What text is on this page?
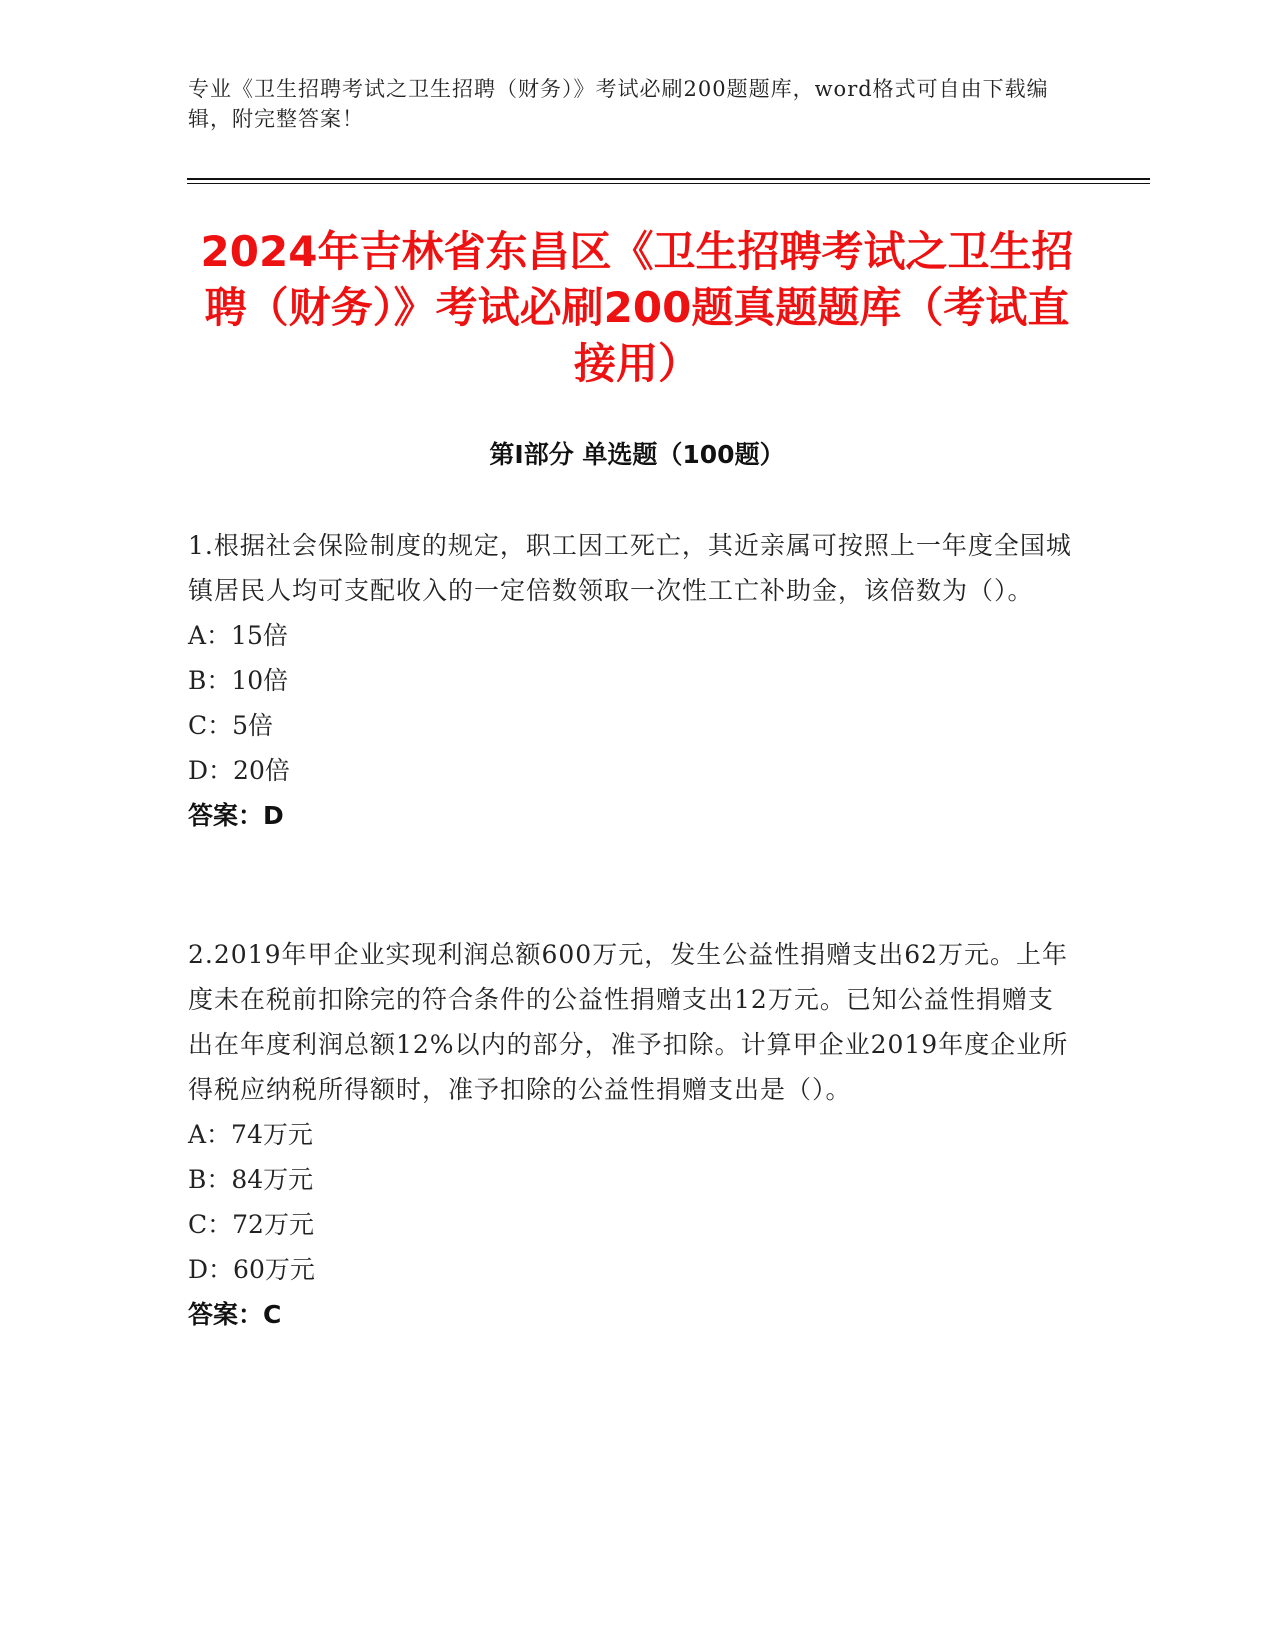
专业《卫生招聘考试之卫生招聘（财务）》考试必刷200题题库，word格式可自由下载编辑，附完整答案！
2024年吉林省东昌区《卫生招聘考试之卫生招聘（财务）》考试必刷200题真题题库（考试直接用）
第I部分 单选题（100题）
1.根据社会保险制度的规定，职工因工死亡，其近亲属可按照上一年度全国城镇居民人均可支配收入的一定倍数领取一次性工亡补助金，该倍数为（）。
A：15倍
B：10倍
C：5倍
D：20倍
答案：D
2.2019年甲企业实现利润总额600万元，发生公益性捐赠支出62万元。上年度未在税前扣除完的符合条件的公益性捐赠支出12万元。已知公益性捐赠支出在年度利润总额12%以内的部分，准予扣除。计算甲企业2019年度企业所得税应纳税所得额时，准予扣除的公益性捐赠支出是（）。
A：74万元
B：84万元
C：72万元
D：60万元
答案：C
